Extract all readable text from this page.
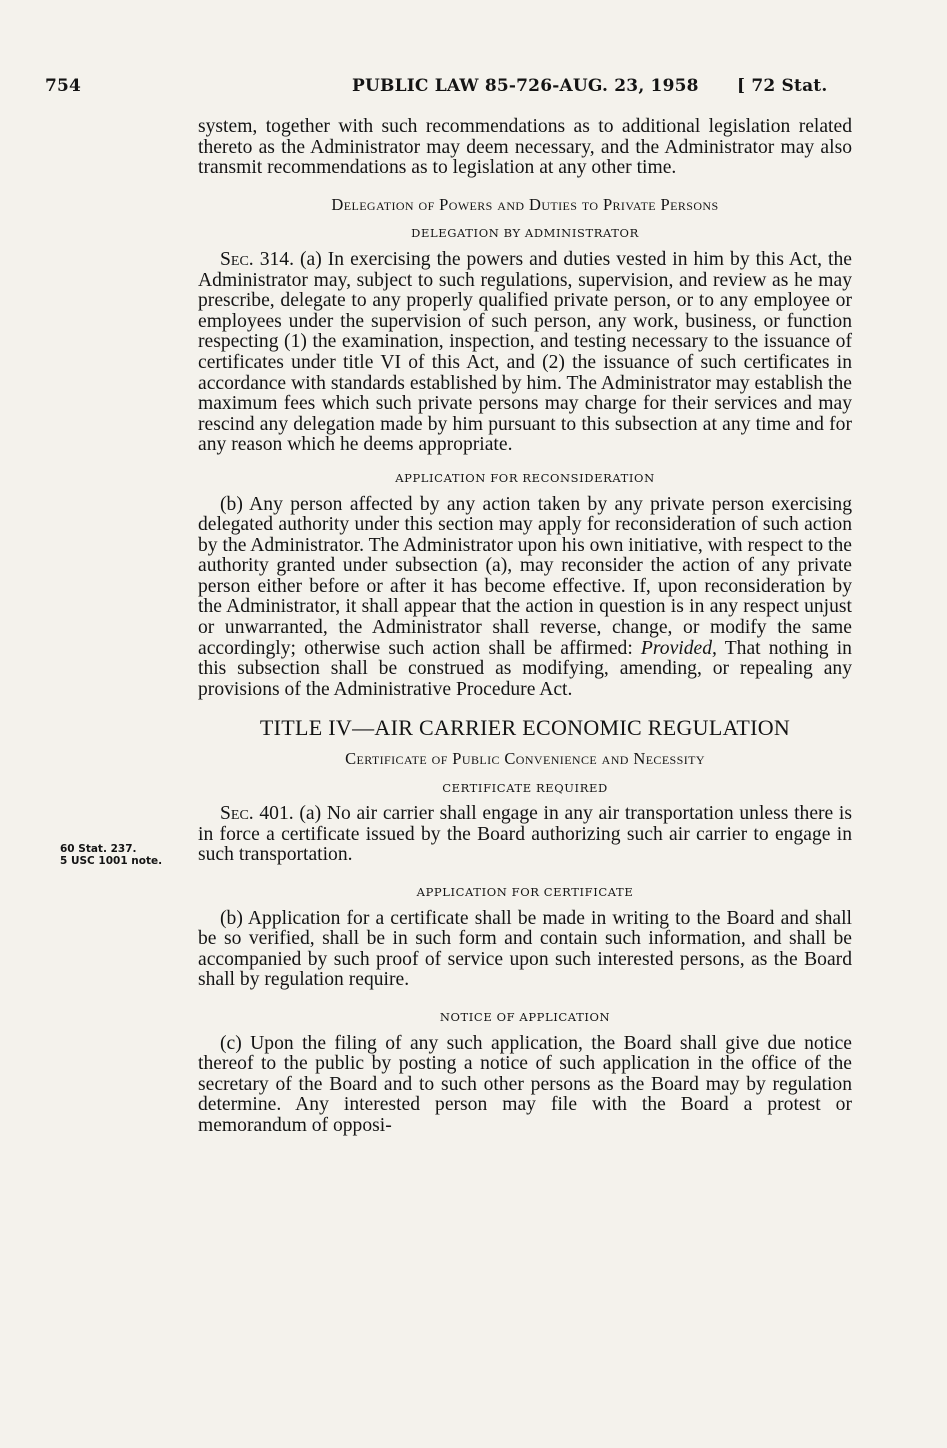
754	PUBLIC LAW 85-726-AUG. 23, 1958 [ 72 Stat.
60 Stat. 237.
5 USC 1001 note.

system, together with such recommendations as to additional legislation related thereto as the Administrator may deem necessary, and the Administrator may also transmit recommendations as to legislation at any other time.

Delegation of Powers and Duties to Private Persons
DELEGATION BY ADMINISTRATOR

Sec. 314. (a) In exercising the powers and duties vested in him by this Act, the Administrator may, subject to such regulations, supervision, and review as he may prescribe, delegate to any properly qualified private person, or to any employee or employees under the supervision of such person, any work, business, or function respecting (1) the examination, inspection, and testing necessary to the issuance of certificates under title VI of this Act, and (2) the issuance of such certificates in accordance with standards established by him. The Administrator may establish the maximum fees which such private persons may charge for their services and may rescind any delegation made by him pursuant to this subsection at any time and for any reason which he deems appropriate.

APPLICATION FOR RECONSIDERATION

(b) Any person affected by any action taken by any private person exercising delegated authority under this section may apply for reconsideration of such action by the Administrator. The Administrator upon his own initiative, with respect to the authority granted under subsection (a), may reconsider the action of any private person either before or after it has become effective. If, upon reconsideration by the Administrator, it shall appear that the action in question is in any respect unjust or unwarranted, the Administrator shall reverse, change, or modify the same accordingly; otherwise such action shall be affirmed: Provided, That nothing in this subsection shall be construed as modifying, amending, or repealing any provisions of the Administrative Procedure Act.

TITLE IV—AIR CARRIER ECONOMIC REGULATION
Certificate of Public Convenience and Necessity
CERTIFICATE REQUIRED

Sec. 401. (a) No air carrier shall engage in any air transportation unless there is in force a certificate issued by the Board authorizing such air carrier to engage in such transportation.

APPLICATION FOR CERTIFICATE

(b) Application for a certificate shall be made in writing to the Board and shall be so verified, shall be in such form and contain such information, and shall be accompanied by such proof of service upon such interested persons, as the Board shall by regulation require.

NOTICE OF APPLICATION

(c) Upon the filing of any such application, the Board shall give due notice thereof to the public by posting a notice of such application in the office of the secretary of the Board and to such other persons as the Board may by regulation determine. Any interested person may file with the Board a protest or memorandum of opposi-
